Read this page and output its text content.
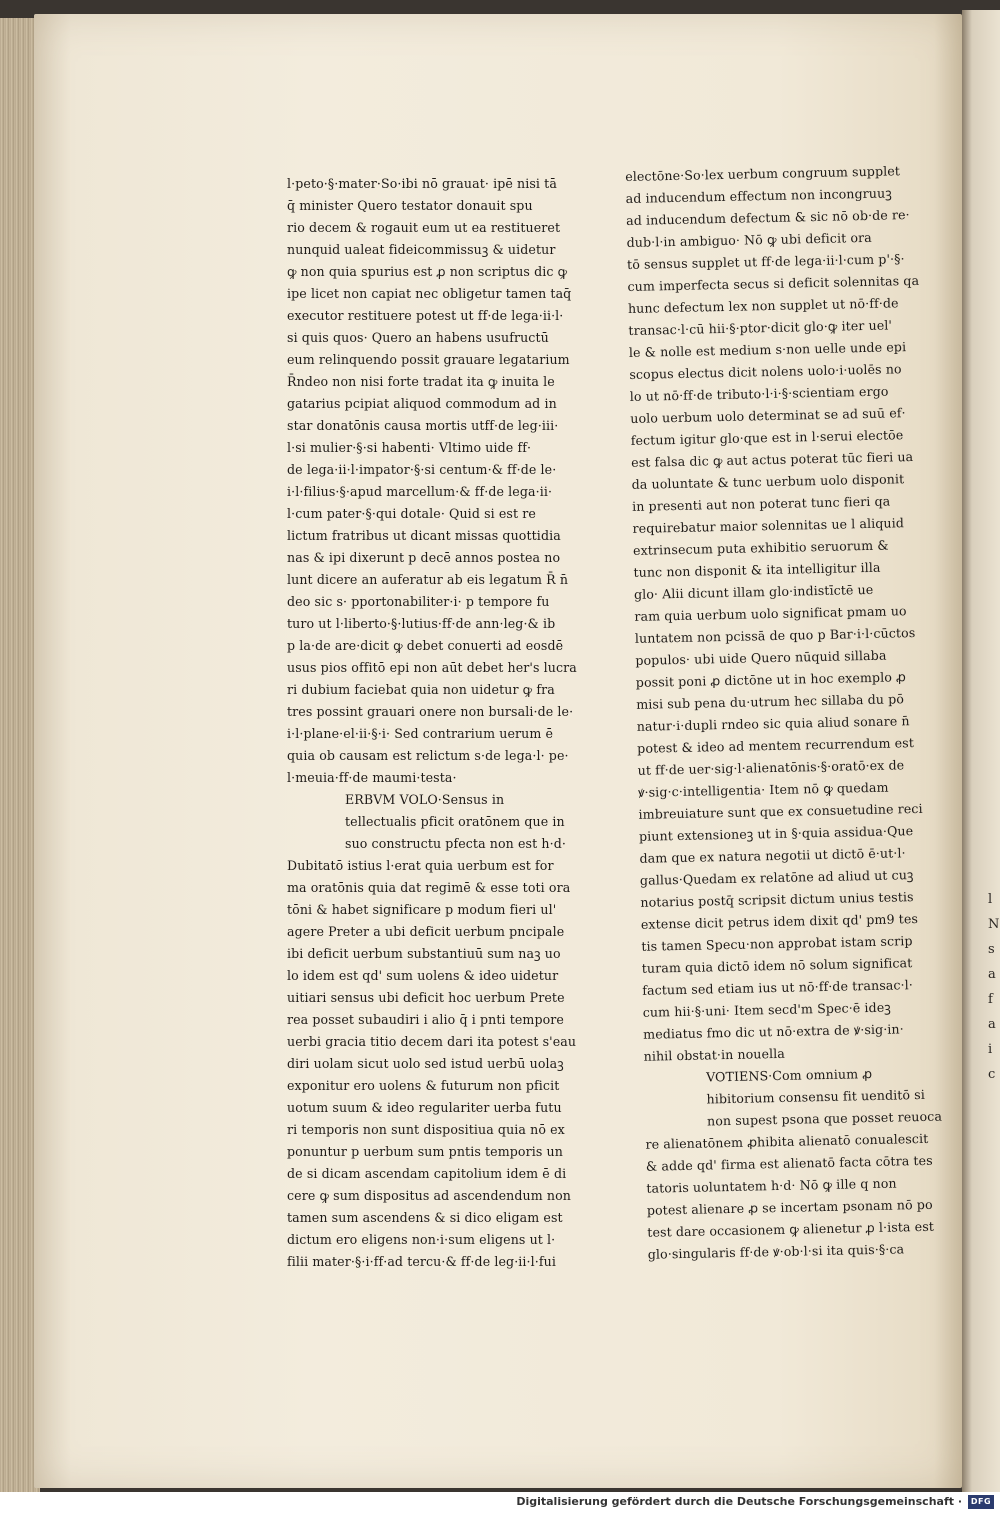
l
N
s
a
f
a
i
c
l·peto·§·mater·So·ibi nō grauat· ipē nisi tā
q̄ minister Quero testator donauit spu
rio decem & rogauit eum ut ea restitueret
nunquid ualeat fideicommissuꝫ & uidetur
ꝙ non quia spurius est ꝓ non scriptus dic ꝙ
ipe licet non capiat nec obligetur tamen taq̄
executor restituere potest ut ff·de lega·ii·l·
si quis quos· Quero an habens usufructū
eum relinquendo possit grauare legatarium
R̄ndeo non nisi forte tradat ita ꝙ inuita le
gatarius pcipiat aliquod commodum ad in
star donatōnis causa mortis utff·de leg·iii·
l·si mulier·§·si habenti· Vltimo uide ff·
de lega·ii·l·impator·§·si centum·& ff·de le·
i·l·filius·§·apud marcellum·& ff·de lega·ii·
l·cum pater·§·qui dotale· Quid si est re
lictum fratribus ut dicant missas quottidia
nas & ipi dixerunt p decē annos postea no
lunt dicere an auferatur ab eis legatum R̄ n̄
deo sic s· pportonabiliter·i· p tempore fu
turo ut l·liberto·§·lutius·ff·de ann·leg·& ib
p la·de are·dicit ꝙ debet conuerti ad eosdē
usus pios offitō epi non aūt debet her's lucra
ri dubium faciebat quia non uidetur ꝙ fra
tres possint grauari onere non bursali·de le·
i·l·plane·el·ii·§·i· Sed contrarium uerum ē
quia ob causam est relictum s·de lega·l· pe·
l·meuia·ff·de maumi·testa·
ERBVM VOLO·Sensus in
tellectualis pficit oratōnem que in
suo constructu pfecta non est h·d·
Dubitatō istius l·erat quia uerbum est for
ma oratōnis quia dat regimē & esse toti ora
tōni & habet significare p modum fieri ul'
agere Preter a ubi deficit uerbum pncipale
ibi deficit uerbum substantiuū sum naꝫ uo
lo idem est qd' sum uolens & ideo uidetur
uitiari sensus ubi deficit hoc uerbum Prete
rea posset subaudiri i alio q̄ i pnti tempore
uerbi gracia titio decem dari ita potest s'eau
diri uolam sicut uolo sed istud uerbū uolaꝫ
exponitur ero uolens & futurum non pficit
uotum suum & ideo regulariter uerba futu
ri temporis non sunt dispositiua quia nō ex
ponuntur p uerbum sum pntis temporis un
de si dicam ascendam capitolium idem ē di
cere ꝙ sum dispositus ad ascendendum non
tamen sum ascendens & si dico eligam est
dictum ero eligens non·i·sum eligens ut l·
filii mater·§·i·ff·ad tercu·& ff·de leg·ii·l·fui
electōne·So·lex uerbum congruum supplet
ad inducendum effectum non incongruuꝫ
ad inducendum defectum & sic nō ob·de re·
dub·l·in ambiguo· Nō ꝙ ubi deficit ora
tō sensus supplet ut ff·de lega·ii·l·cum p'·§·
cum imperfecta secus si deficit solennitas qa
hunc defectum lex non supplet ut nō·ff·de
transac·l·cū hii·§·ptor·dicit glo·ꝙ iter uel'
le & nolle est medium s·non uelle unde epi
scopus electus dicit nolens uolo·i·uolēs no
lo ut nō·ff·de tributo·l·i·§·scientiam ergo
uolo uerbum uolo determinat se ad suū ef·
fectum igitur glo·que est in l·serui electōe
est falsa dic ꝙ aut actus poterat tūc fieri ua
da uoluntate & tunc uerbum uolo disponit
in presenti aut non poterat tunc fieri qa
requirebatur maior solennitas ue l aliquid
extrinsecum puta exhibitio seruorum &
tunc non disponit & ita intelligitur illa
glo· Alii dicunt illam glo·indistīctē ue
ram quia uerbum uolo significat pmam uo
luntatem non pcissā de quo p Bar·i·l·cūctos
populos· ubi uide Quero nūquid sillaba
possit poni ꝓ dictōne ut in hoc exemplo ꝓ
misi sub pena du·utrum hec sillaba du pō
natur·i·dupli rndeo sic quia aliud sonare n̄
potest & ideo ad mentem recurrendum est
ut ff·de uer·sig·l·alienatōnis·§·oratō·ex de
ꝟ·sig·c·intelligentia· Item nō ꝙ quedam
imbreuiature sunt que ex consuetudine reci
piunt extensioneꝫ ut in §·quia assidua·Que
dam que ex natura negotii ut dictō ē·ut·l·
gallus·Quedam ex relatōne ad aliud ut cuꝫ
notarius postq̄ scripsit dictum unius testis
extense dicit petrus idem dixit qd' pm9 tes
tis tamen Specu·non approbat istam scrip
turam quia dictō idem nō solum significat
factum sed etiam ius ut nō·ff·de transac·l·
cum hii·§·uni· Item secd'm Spec·ē ideꝫ
mediatus fmo dic ut nō·extra de ꝟ·sig·in·
nihil obstat·in nouella
VOTIENS·Com omnium ꝓ
hibitorium consensu fit uenditō si
non supest psona que posset reuoca
re alienatōnem ꝓhibita alienatō conualescit
& adde qd' firma est alienatō facta cōtra tes
tatoris uoluntatem h·d· Nō ꝙ ille q non
potest alienare ꝓ se incertam psonam nō po
test dare occasionem ꝙ alienetur ꝓ l·ista est
glo·singularis ff·de ꝟ·ob·l·si ita quis·§·ca
Digitalisierung gefördert durch die Deutsche Forschungsgemeinschaft ·	DFG
